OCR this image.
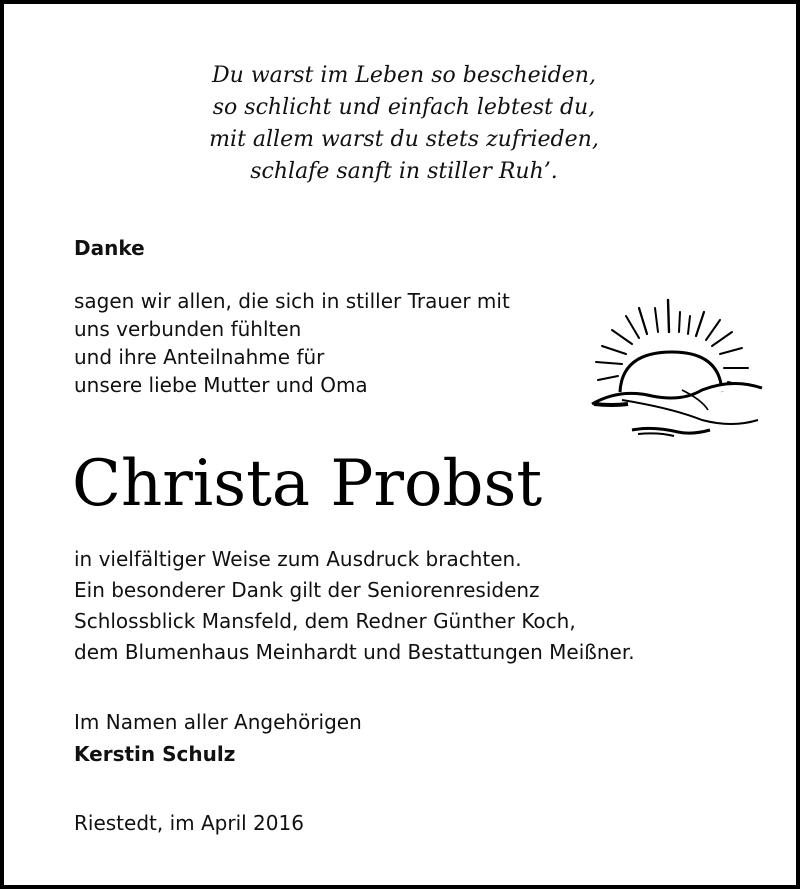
Du warst im Leben so bescheiden,
so schlicht und einfach lebtest du,
mit allem warst du stets zufrieden,
schlafe sanft in stiller Ruh’.
Danke
sagen wir allen, die sich in stiller Trauer mit
uns verbunden fühlten
und ihre Anteilnahme für
unsere liebe Mutter und Oma
Christa Probst
in vielfältiger Weise zum Ausdruck brachten.
Ein besonderer Dank gilt der Seniorenresidenz
Schlossblick Mansfeld, dem Redner Günther Koch,
dem Blumenhaus Meinhardt und Bestattungen Meißner.
Im Namen aller Angehörigen
Kerstin Schulz
Riestedt, im April 2016
